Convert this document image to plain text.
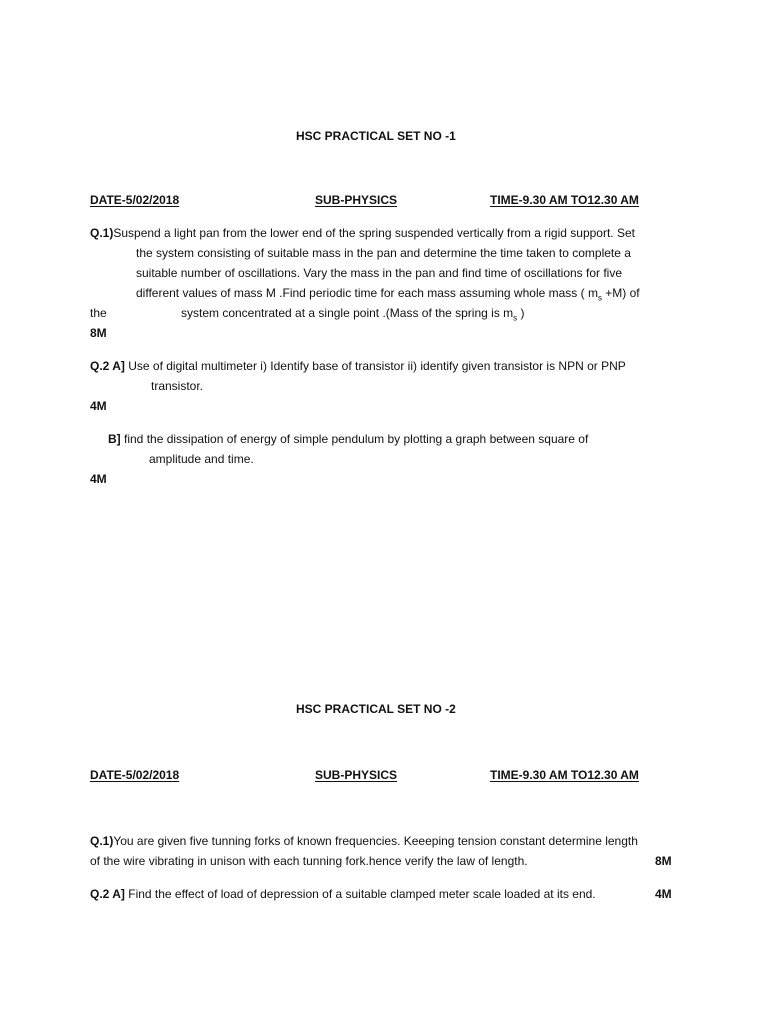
HSC PRACTICAL SET NO -1
DATE-5/02/2018	SUB-PHYSICS	TIME-9.30 AM TO12.30 AM
Q.1)Suspend a light pan from the lower end of the spring suspended vertically from a rigid support. Set
the system consisting of suitable mass in the pan and determine the time taken to complete a
suitable number of oscillations. Vary the mass in the pan and find time of oscillations for five
different values of mass M .Find periodic time for each mass assuming whole mass ( $m_s +M$) of
the	system concentrated at a single point .(Mass of the spring is $m_s$ )
8M
Q.2 A] Use of digital multimeter i) Identify base of transistor ii) identify given transistor is NPN or PNP
transistor.
4M
B] find the dissipation of energy of simple pendulum by plotting a graph between square of
amplitude and time.
4M
HSC PRACTICAL SET NO -2
DATE-5/02/2018	SUB-PHYSICS	TIME-9.30 AM TO12.30 AM
Q.1)You are given five tunning forks of known frequencies. Keeeping tension constant determine length
of the wire vibrating in unison with each tunning fork.hence verify the law of length.	8M
Q.2 A] Find the effect of load of depression of a suitable clamped meter scale loaded at its end.	4M
